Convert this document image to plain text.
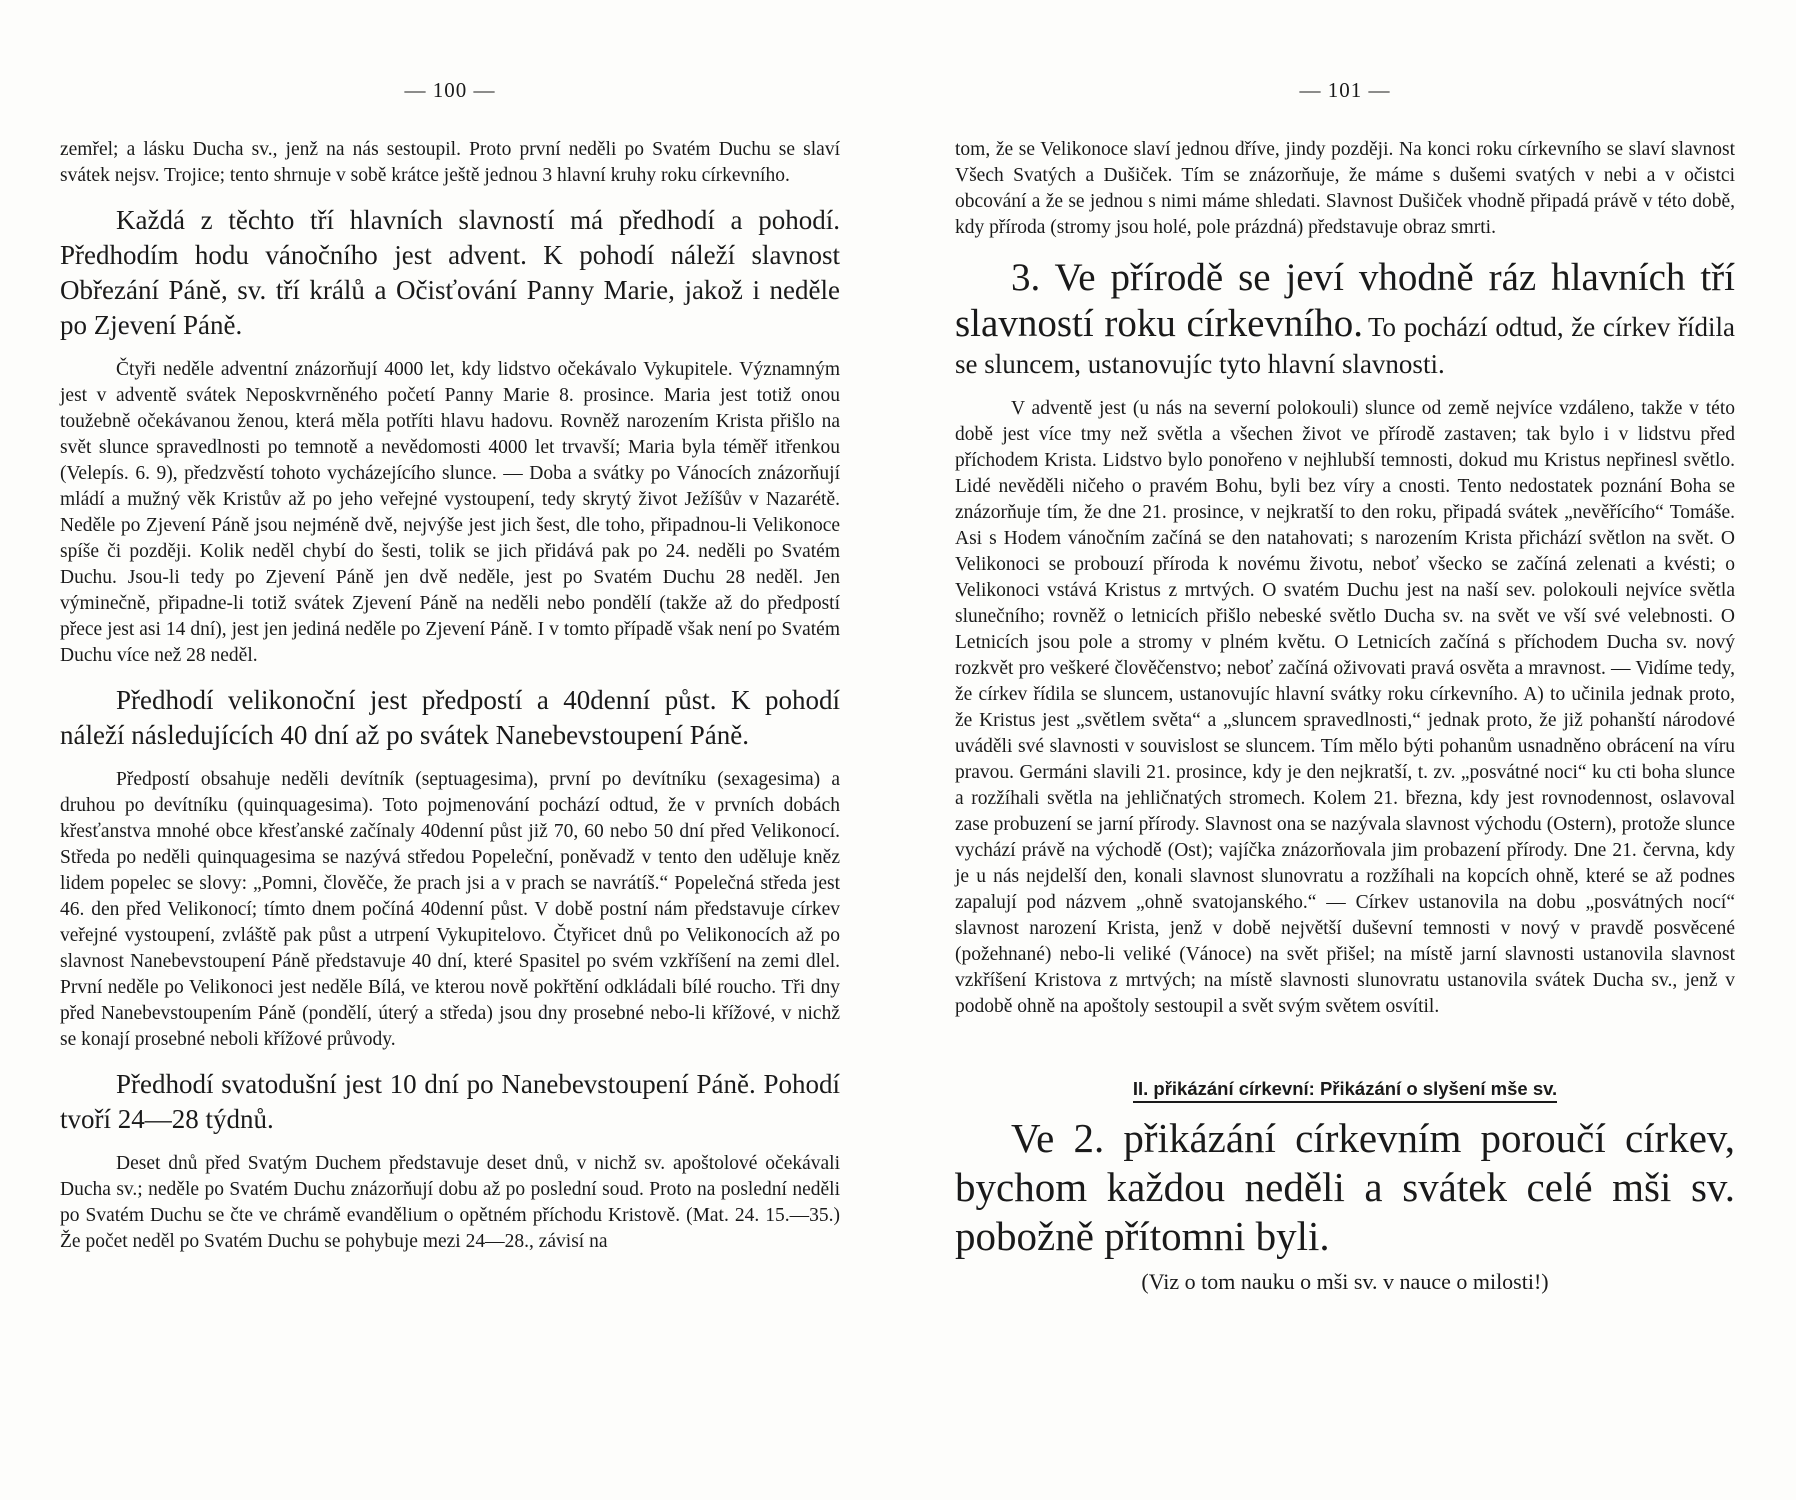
— 100 —

zemřel; a lásku Ducha sv., jenž na nás sestoupil. Proto první neděli po Svatém Duchu se slaví svátek nejsv. Trojice; tento shrnuje v sobě krátce ještě jednou 3 hlavní kruhy roku církevního.

Každá z těchto tří hlavních slavností má předhodí a pohodí. Předhodím hodu vánočního jest advent. K pohodí náleží slavnost Obřezání Páně, sv. tří králů a Očisťování Panny Marie, jakož i neděle po Zjevení Páně.

Čtyři neděle adventní znázorňují 4000 let, kdy lidstvo očekávalo Vykupitele. Významným jest v adventě svátek Neposkvrněného početí Panny Marie 8. prosince. Maria jest totiž onou toužebně očekávanou ženou, která měla potříti hlavu hadovu. Rovněž narozením Krista přišlo na svět slunce spravedlnosti po temnotě a nevědomosti 4000 let trvavší; Maria byla téměř itřenkou (Velepís. 6. 9), předzvěstí tohoto vycházejícího slunce. — Doba a svátky po Vánocích znázorňují mládí a mužný věk Kristův až po jeho veřejné vystoupení, tedy skrytý život Ježíšův v Nazarétě. Neděle po Zjevení Páně jsou nejméně dvě, nejvýše jest jich šest, dle toho, připadnou-li Velikonoce spíše či později. Kolik neděl chybí do šesti, tolik se jich přidává pak po 24. neděli po Svatém Duchu. Jsou-li tedy po Zjevení Páně jen dvě neděle, jest po Svatém Duchu 28 neděl. Jen výminečně, připadne-li totiž svátek Zjevení Páně na neděli nebo pondělí (takže až do předpostí přece jest asi 14 dní), jest jen jediná neděle po Zjevení Páně. I v tomto případě však není po Svatém Duchu více než 28 neděl.

Předhodí velikonoční jest předpostí a 40denní půst. K pohodí náleží následujících 40 dní až po svátek Nanebevstoupení Páně.

Předpostí obsahuje neděli devítník (septuagesima), první po devítníku (sexagesima) a druhou po devítníku (quinquagesima). Toto pojmenování pochází odtud, že v prvních dobách křesťanstva mnohé obce křesťanské začínaly 40denní půst již 70, 60 nebo 50 dní před Velikonocí. Středa po neděli quinquagesima se nazývá středou Popeleční, poněvadž v tento den uděluje kněz lidem popelec se slovy: „Pomni, člověče, že prach jsi a v prach se navrátíš.“ Popelečná středa jest 46. den před Velikonocí; tímto dnem počíná 40denní půst. V době postní nám představuje církev veřejné vystoupení, zvláště pak půst a utrpení Vykupitelovo. Čtyřicet dnů po Velikonocích až po slavnost Nanebevstoupení Páně představuje 40 dní, které Spasitel po svém vzkříšení na zemi dlel. První neděle po Velikonoci jest neděle Bílá, ve kterou nově pokřtění odkládali bílé roucho. Tři dny před Nanebevstoupením Páně (pondělí, úterý a středa) jsou dny prosebné nebo-li křížové, v nichž se konají prosebné neboli křížové průvody.

Předhodí svatodušní jest 10 dní po Nanebevstoupení Páně. Pohodí tvoří 24—28 týdnů.

Deset dnů před Svatým Duchem představuje deset dnů, v nichž sv. apoštolové očekávali Ducha sv.; neděle po Svatém Duchu znázorňují dobu až po poslední soud. Proto na poslední neděli po Svatém Duchu se čte ve chrámě evandělium o opětném příchodu Kristově. (Mat. 24. 15.—35.) Že počet neděl po Svatém Duchu se pohybuje mezi 24—28., závisí na

— 101 —

tom, že se Velikonoce slaví jednou dříve, jindy později. Na konci roku církevního se slaví slavnost Všech Svatých a Dušiček. Tím se znázorňuje, že máme s dušemi svatých v nebi a v očistci obcování a že se jednou s nimi máme shledati. Slavnost Dušiček vhodně připadá právě v této době, kdy příroda (stromy jsou holé, pole prázdná) představuje obraz smrti.

3. Ve přírodě se jeví vhodně ráz hlavních tří slavností roku církevního. To pochází odtud, že církev řídila se sluncem, ustanovujíc tyto hlavní slavnosti.

V adventě jest (u nás na severní polokouli) slunce od země nejvíce vzdáleno, takže v této době jest více tmy než světla a všechen život ve přírodě zastaven; tak bylo i v lidstvu před příchodem Krista. Lidstvo bylo ponořeno v nejhlubší temnosti, dokud mu Kristus nepřinesl světlo. Lidé nevěděli ničeho o pravém Bohu, byli bez víry a cnosti. Tento nedostatek poznání Boha se znázorňuje tím, že dne 21. prosince, v nejkratší to den roku, připadá svátek „nevěřícího“ Tomáše. Asi s Hodem vánočním začíná se den natahovati; s narozením Krista přichází světlon na svět. O Velikonoci se probouzí příroda k novému životu, neboť všecko se začíná zelenati a kvésti; o Velikonoci vstává Kristus z mrtvých. O svatém Duchu jest na naší sev. polokouli nejvíce světla slunečního; rovněž o letnicích přišlo nebeské světlo Ducha sv. na svět ve vší své velebnosti. O Letnicích jsou pole a stromy v plném květu. O Letnicích začíná s příchodem Ducha sv. nový rozkvět pro veškeré člověčenstvo; neboť začíná oživovati pravá osvěta a mravnost. — Vidíme tedy, že církev řídila se sluncem, ustanovujíc hlavní svátky roku církevního. A) to učinila jednak proto, že Kristus jest „světlem světa“ a „sluncem spravedlnosti,“ jednak proto, že již pohanští národové uváděli své slavnosti v souvislost se sluncem. Tím mělo býti pohanům usnadněno obrácení na víru pravou. Germáni slavili 21. prosince, kdy je den nejkratší, t. zv. „posvátné noci“ ku cti boha slunce a rozžíhali světla na jehličnatých stromech. Kolem 21. března, kdy jest rovnodennost, oslavoval zase probuzení se jarní přírody. Slavnost ona se nazývala slavnost východu (Ostern), protože slunce vychází právě na východě (Ost); vajíčka znázorňovala jim probazení přírody. Dne 21. června, kdy je u nás nejdelší den, konali slavnost slunovratu a rozžíhali na kopcích ohně, které se až podnes zapalují pod názvem „ohně svatojanského.“ — Církev ustanovila na dobu „posvátných nocí“ slavnost narození Krista, jenž v době největší duševní temnosti v nový v pravdě posvěcené (požehnané) nebo-li veliké (Vánoce) na svět přišel; na místě jarní slavnosti ustanovila slavnost vzkříšení Kristova z mrtvých; na místě slavnosti slunovratu ustanovila svátek Ducha sv., jenž v podobě ohně na apoštoly sestoupil a svět svým světem osvítil.

II. přikázání církevní: Přikázání o slyšení mše sv.

Ve 2. přikázání církevním poroučí církev, bychom každou neděli a svátek celé mši sv. pobožně přítomni byli.

(Viz o tom nauku o mši sv. v nauce o milosti!)
